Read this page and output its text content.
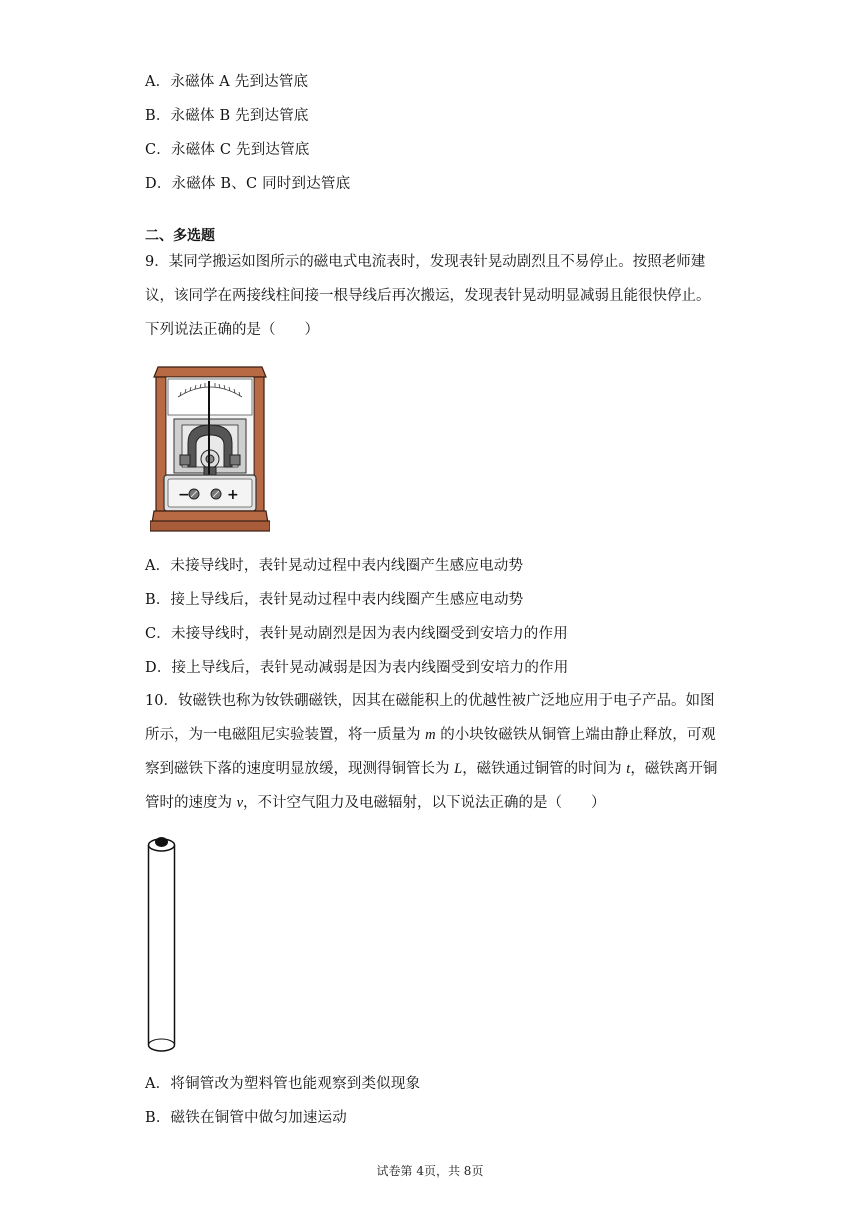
A．永磁体 A 先到达管底
B．永磁体 B 先到达管底
C．永磁体 C 先到达管底
D．永磁体 B、C 同时到达管底
二、多选题
9．某同学搬运如图所示的磁电式电流表时，发现表针晃动剧烈且不易停止。按照老师建议，该同学在两接线柱间接一根导线后再次搬运，发现表针晃动明显减弱且能很快停止。下列说法正确的是（　　）
−	+
A．未接导线时，表针晃动过程中表内线圈产生感应电动势
B．接上导线后，表针晃动过程中表内线圈产生感应电动势
C．未接导线时，表针晃动剧烈是因为表内线圈受到安培力的作用
D．接上导线后，表针晃动减弱是因为表内线圈受到安培力的作用
10．钕磁铁也称为钕铁硼磁铁，因其在磁能积上的优越性被广泛地应用于电子产品。如图所示，为一电磁阻尼实验装置，将一质量为 m 的小块钕磁铁从铜管上端由静止释放，可观察到磁铁下落的速度明显放缓，现测得铜管长为 L，磁铁通过铜管的时间为 t，磁铁离开铜管时的速度为 v，不计空气阻力及电磁辐射，以下说法正确的是（　　）
A．将铜管改为塑料管也能观察到类似现象
B．磁铁在铜管中做匀加速运动
试卷第 4页，共 8页
